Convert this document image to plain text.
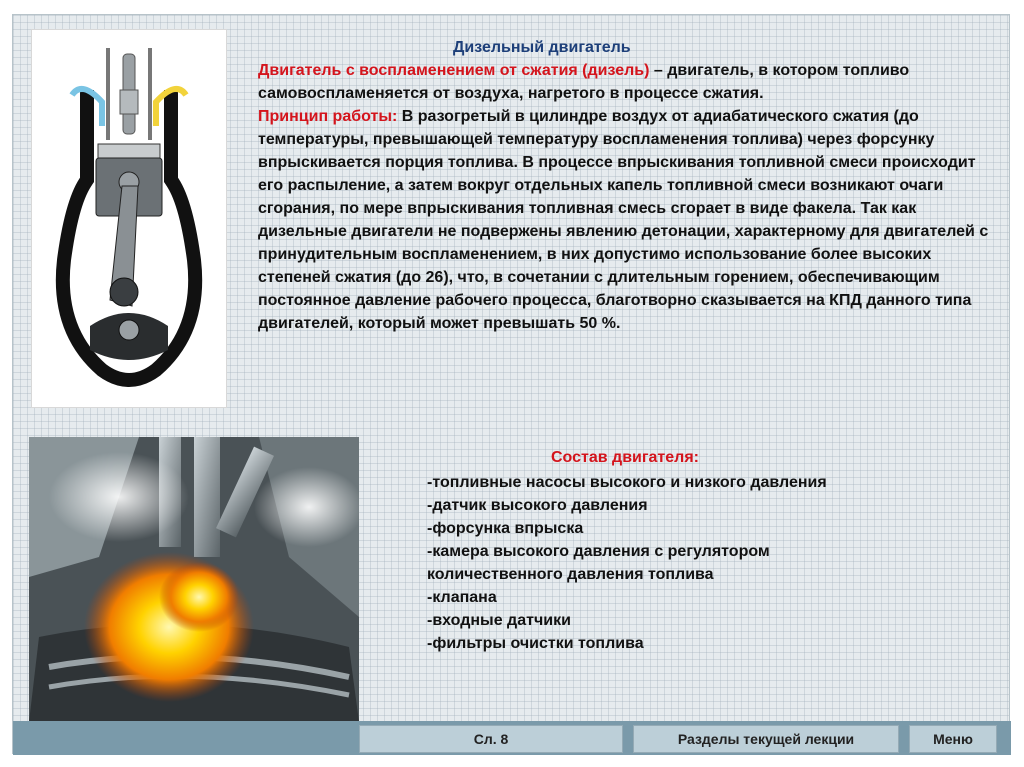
Дизельный двигатель
Двигатель с воспламенением от сжатия (дизель) – двигатель, в котором топливо самовоспламеняется от воздуха, нагретого в процессе сжатия.
Принцип работы: В разогретый в цилиндре воздух от адиабатического сжатия (до температуры, превышающей температуру воспламенения топлива) через форсунку впрыскивается порция топлива. В процессе впрыскивания топливной смеси происходит его распыление, а затем вокруг отдельных капель топливной смеси возникают очаги сгорания, по мере впрыскивания топливная смесь сгорает в виде факела. Так как дизельные двигатели не подвержены явлению детонации, характерному для двигателей с принудительным воспламенением, в них допустимо использование более высоких степеней сжатия (до 26), что, в сочетании с длительным горением, обеспечивающим постоянное давление рабочего процесса, благотворно сказывается на КПД данного типа двигателей, который может превышать 50 %.
Состав двигателя:
-топливные насосы высокого и низкого давления
-датчик высокого давления
-форсунка впрыска
-камера высокого давления с регулятором количественного давления топлива
-клапана
-входные датчики
-фильтры очистки топлива
Сл. 8	Разделы текущей лекции	Меню
